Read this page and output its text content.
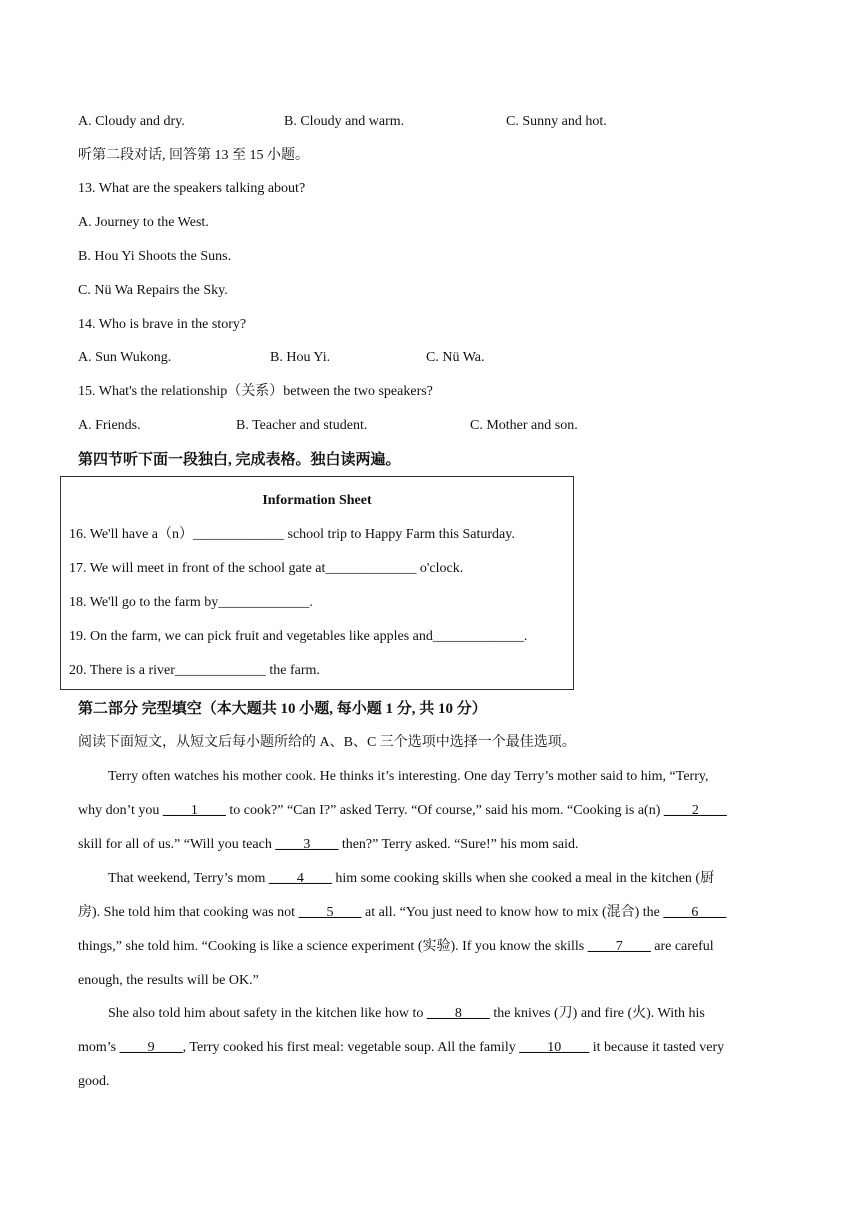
A. Cloudy and dry.	B. Cloudy and warm.	C. Sunny and hot.
听第二段对话, 回答第 13 至 15 小题。
13. What are the speakers talking about?
A. Journey to the West.
B. Hou Yi Shoots the Suns.
C. Nü Wa Repairs the Sky.
14. Who is brave in the story?
A. Sun Wukong.	B. Hou Yi.	C. Nü Wa.
15. What's the relationship（关系）between the two speakers?
A. Friends.	B. Teacher and student.	C. Mother and son.
第四节听下面一段独白, 完成表格。独白读两遍。
Information Sheet
16. We'll have a（n）_____________ school trip to Happy Farm this Saturday.
17. We will meet in front of the school gate at_____________ o'clock.
18. We'll go to the farm by_____________.
19. On the farm, we can pick fruit and vegetables like apples and_____________.
20. There is a river_____________ the farm.
第二部分 完型填空（本大题共 10 小题, 每小题 1 分, 共 10 分）
阅读下面短文，从短文后每小题所给的 A、B、C 三个选项中选择一个最佳选项。
Terry often watches his mother cook. He thinks it’s interesting. One day Terry’s mother said to him, “Terry,
why don’t you ____1____ to cook?” “Can I?” asked Terry. “Of course,” said his mom. “Cooking is a(n) ____2____
skill for all of us.” “Will you teach ____3____ then?” Terry asked. “Sure!” his mom said.
That weekend, Terry’s mom ____4____ him some cooking skills when she cooked a meal in the kitchen (厨
房). She told him that cooking was not ____5____ at all. “You just need to know how to mix (混合) the ____6____
things,” she told him. “Cooking is like a science experiment (实验). If you know the skills ____7____ are careful
enough, the results will be OK.”
She also told him about safety in the kitchen like how to ____8____ the knives (刀) and fire (火). With his
mom’s ____9____, Terry cooked his first meal: vegetable soup. All the family ____10____ it because it tasted very
good.
